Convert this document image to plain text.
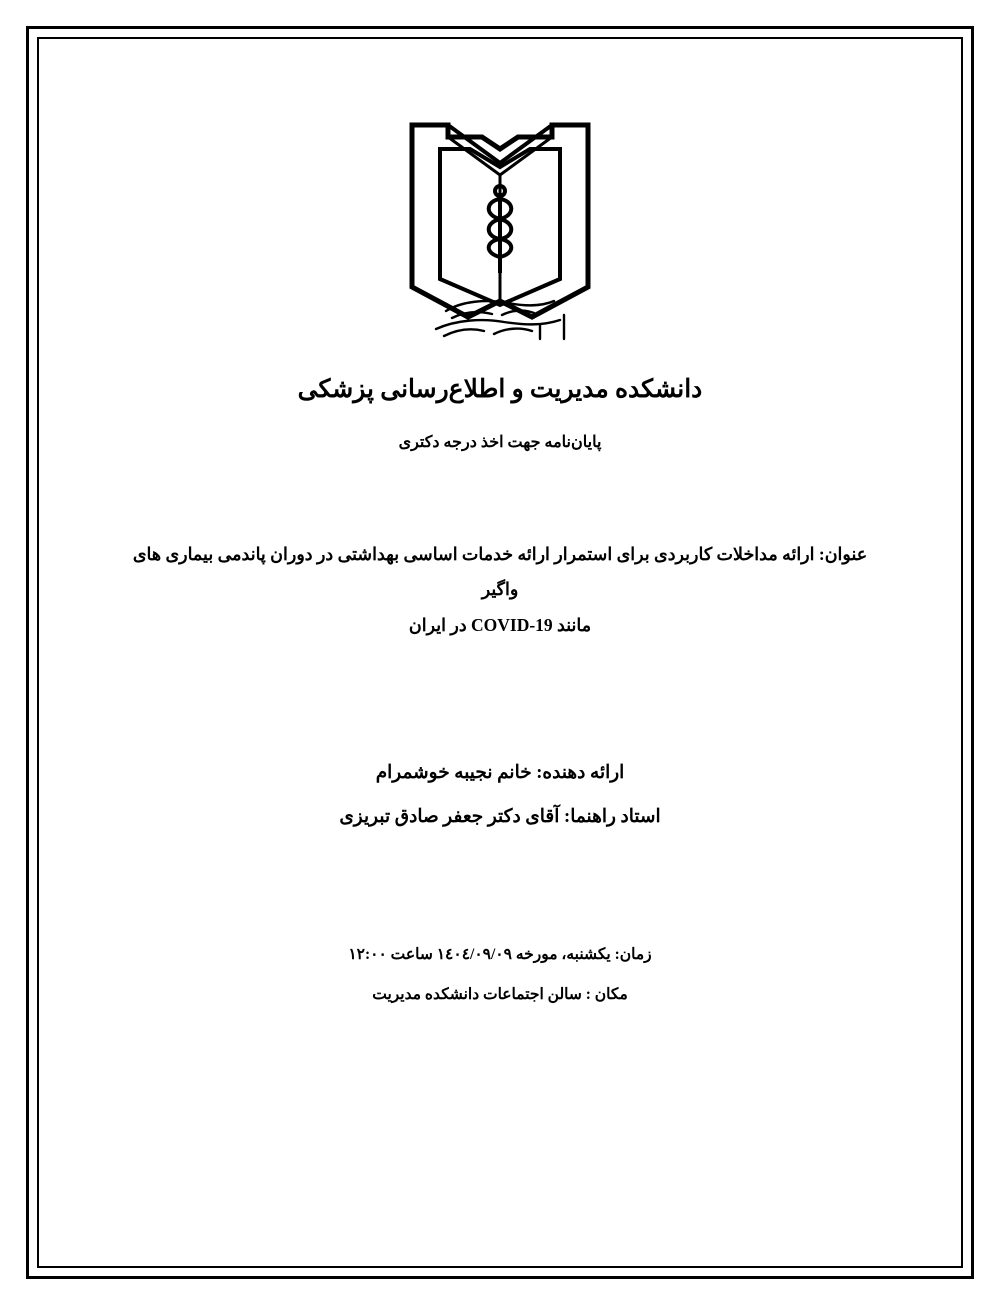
دانشکده مدیریت و اطلاع‌رسانی پزشکی
پایان‌نامه جهت اخذ درجه دکتری
عنوان: ارائه مداخلات کاربردی برای استمرار ارائه خدمات اساسی بهداشتی در دوران پاندمی بیماری های واگیر
مانند COVID-19 در ایران
ارائه دهنده: خانم نجیبه خوشمرام
استاد راهنما: آقای دکتر جعفر صادق تبریزی
زمان: یکشنبه، مورخه ۱٤۰٤/۰۹/۰۹ ساعت ۱۲:۰۰
مکان : سالن اجتماعات دانشکده مدیریت
